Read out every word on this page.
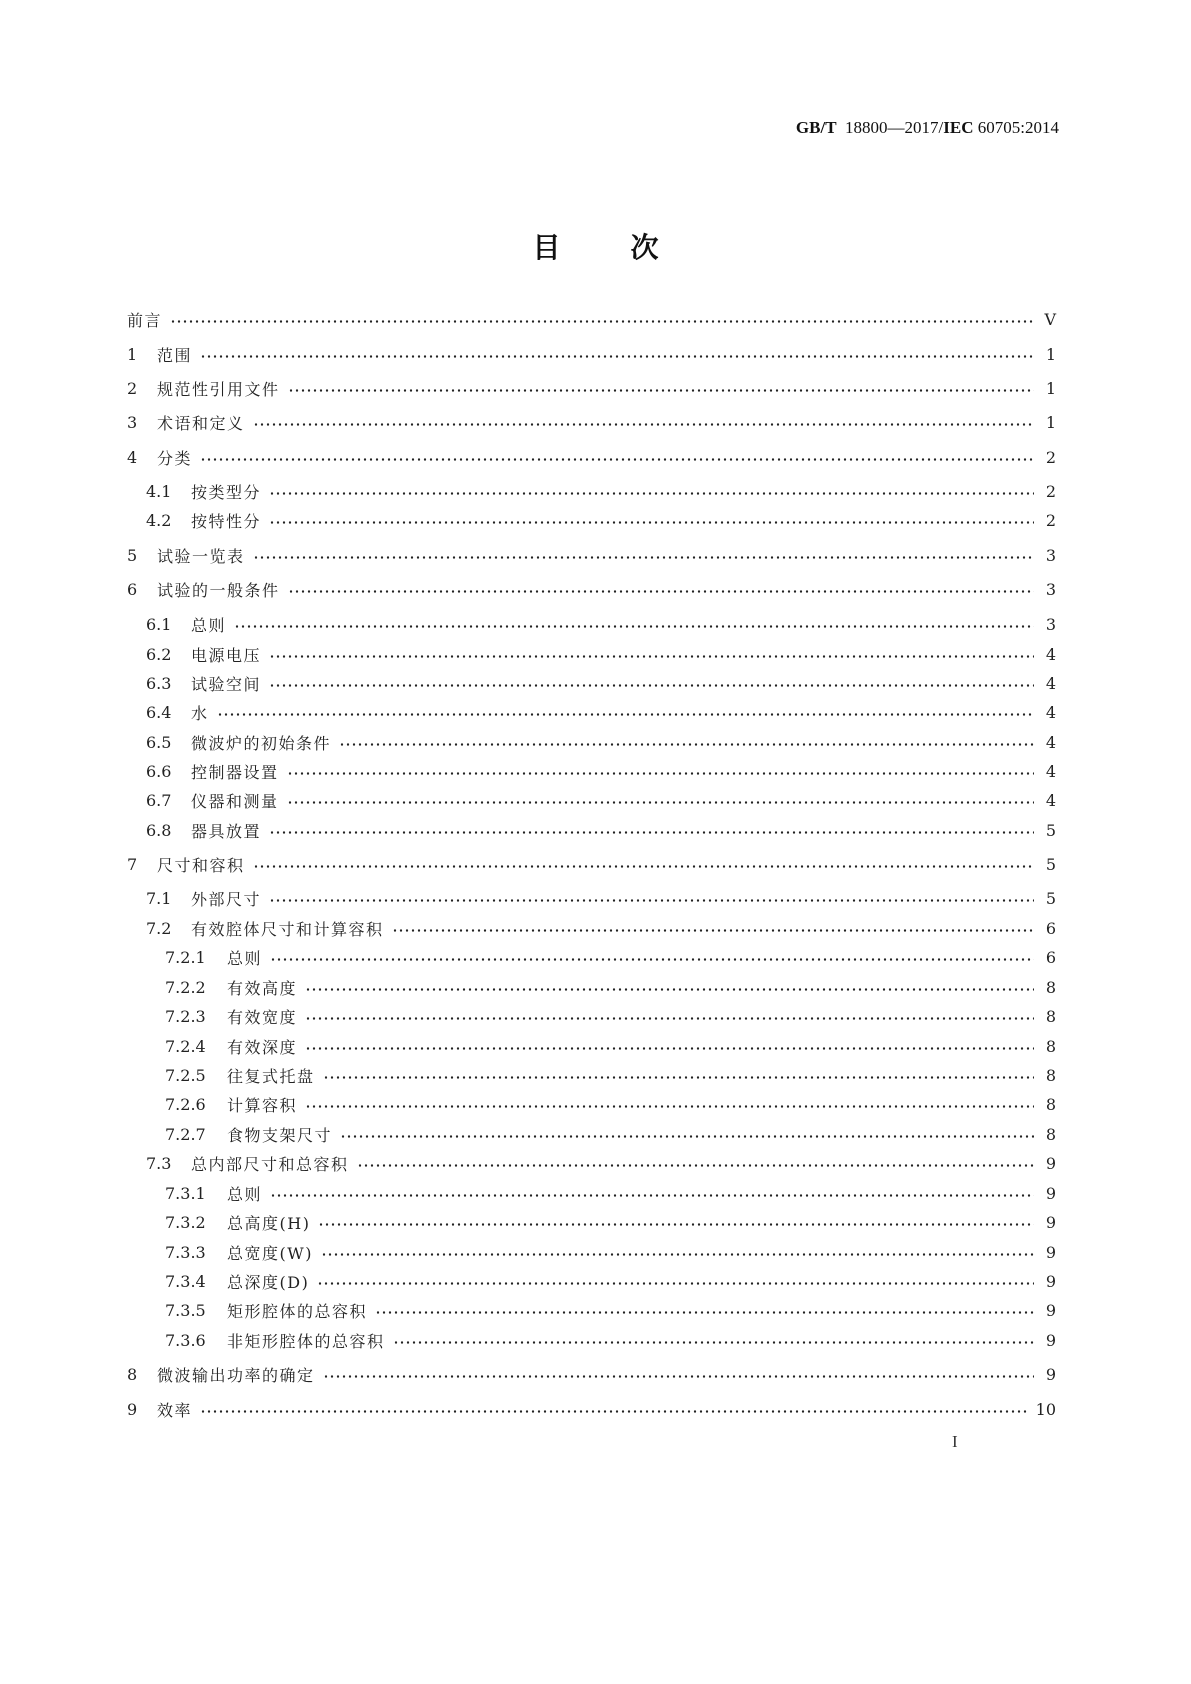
GB/T 18800—2017/IEC 60705:2014
目	次
前言	V
1	范围	1
2	规范性引用文件	1
3	术语和定义	1
4	分类	2
4.1	按类型分	2
4.2	按特性分	2
5	试验一览表	3
6	试验的一般条件	3
6.1	总则	3
6.2	电源电压	4
6.3	试验空间	4
6.4	水	4
6.5	微波炉的初始条件	4
6.6	控制器设置	4
6.7	仪器和测量	4
6.8	器具放置	5
7	尺寸和容积	5
7.1	外部尺寸	5
7.2	有效腔体尺寸和计算容积	6
7.2.1	总则	6
7.2.2	有效高度	8
7.2.3	有效宽度	8
7.2.4	有效深度	8
7.2.5	往复式托盘	8
7.2.6	计算容积	8
7.2.7	食物支架尺寸	8
7.3	总内部尺寸和总容积	9
7.3.1	总则	9
7.3.2	总高度(H)	9
7.3.3	总宽度(W)	9
7.3.4	总深度(D)	9
7.3.5	矩形腔体的总容积	9
7.3.6	非矩形腔体的总容积	9
8	微波输出功率的确定	9
9	效率	10
I
